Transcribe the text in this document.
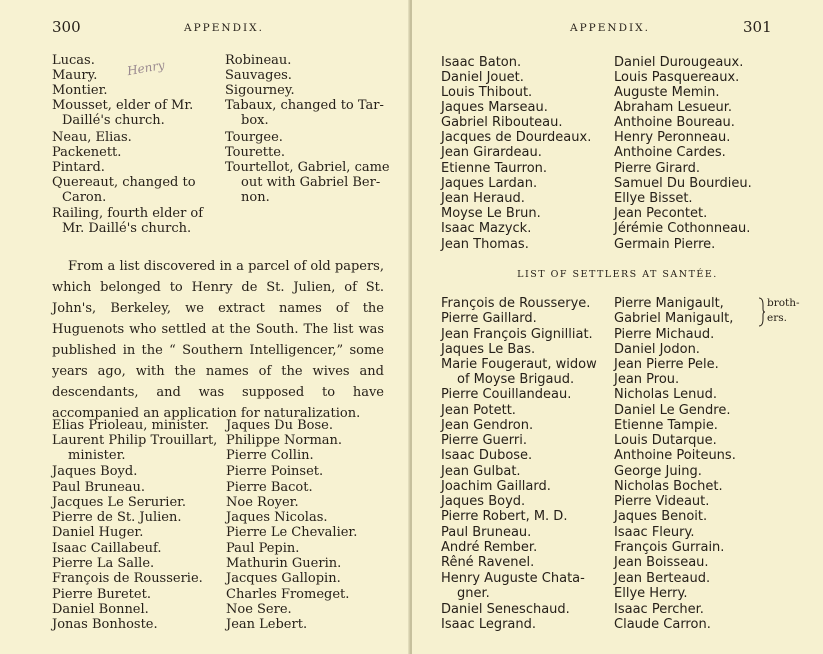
300	APPENDIX.
Henry
Lucas.
Maury.
Montier.
Mousset, elder of Mr.
Daillé's church.
Neau, Elias.
Packenett.
Pintard.
Quereaut, changed to
Caron.
Railing, fourth elder of
Mr. Daillé's church.
Robineau.
Sauvages.
Sigourney.
Tabaux, changed to Tar-
box.
Tourgee.
Tourette.
Tourtellot, Gabriel, came
out with Gabriel Ber-
non.
From a list discovered in a parcel of old papers, which belonged to Henry de St. Julien, of St. John's, Berkeley, we extract names of the Huguenots who settled at the South. The list was published in the “ Southern Intelligencer,” some years ago, with the names of the wives and descendants, and was supposed to have accompanied an application for naturalization.
Elias Prioleau, minister.
Laurent Philip Trouillart,
minister.
Jaques Boyd.
Paul Bruneau.
Jacques Le Serurier.
Pierre de St. Julien.
Daniel Huger.
Isaac Caillabeuf.
Pierre La Salle.
François de Rousserie.
Pierre Buretet.
Daniel Bonnel.
Jonas Bonhoste.
Jaques Du Bose.
Philippe Norman.
Pierre Collin.
Pierre Poinset.
Pierre Bacot.
Noe Royer.
Jaques Nicolas.
Pierre Le Chevalier.
Paul Pepin.
Mathurin Guerin.
Jacques Gallopin.
Charles Fromeget.
Noe Sere.
Jean Lebert.
APPENDIX.	301
Isaac Baton.
Daniel Jouet.
Louis Thibout.
Jaques Marseau.
Gabriel Ribouteau.
Jacques de Dourdeaux.
Jean Girardeau.
Etienne Taurron.
Jaques Lardan.
Jean Heraud.
Moyse Le Brun.
Isaac Mazyck.
Jean Thomas.
Daniel Durougeaux.
Louis Pasquereaux.
Auguste Memin.
Abraham Lesueur.
Anthoine Boureau.
Henry Peronneau.
Anthoine Cardes.
Pierre Girard.
Samuel Du Bourdieu.
Ellye Bisset.
Jean Pecontet.
Jérémie Cothonneau.
Germain Pierre.
LIST OF SETTLERS AT SANTÉE.
François de Rousserye.
Pierre Gaillard.
Jean François Gignilliat.
Jaques Le Bas.
Marie Fougeraut, widow
of Moyse Brigaud.
Pierre Couillandeau.
Jean Potett.
Jean Gendron.
Pierre Guerri.
Isaac Dubose.
Jean Gulbat.
Joachim Gaillard.
Jaques Boyd.
Pierre Robert, M. D.
Paul Bruneau.
André Rember.
Rêné Ravenel.
Henry Auguste Chata-
gner.
Daniel Seneschaud.
Isaac Legrand.
Pierre Manigault,
Gabriel Manigault,
Pierre Michaud.
Daniel Jodon.
Jean Pierre Pele.
Jean Prou.
Nicholas Lenud.
Daniel Le Gendre.
Etienne Tampie.
Louis Dutarque.
Anthoine Poiteuns.
George Juing.
Nicholas Bochet.
Pierre Videaut.
Jaques Benoit.
Isaac Fleury.
François Gurrain.
Jean Boisseau.
Jean Berteaud.
Ellye Herry.
Isaac Percher.
Claude Carron.
broth-
ers.
